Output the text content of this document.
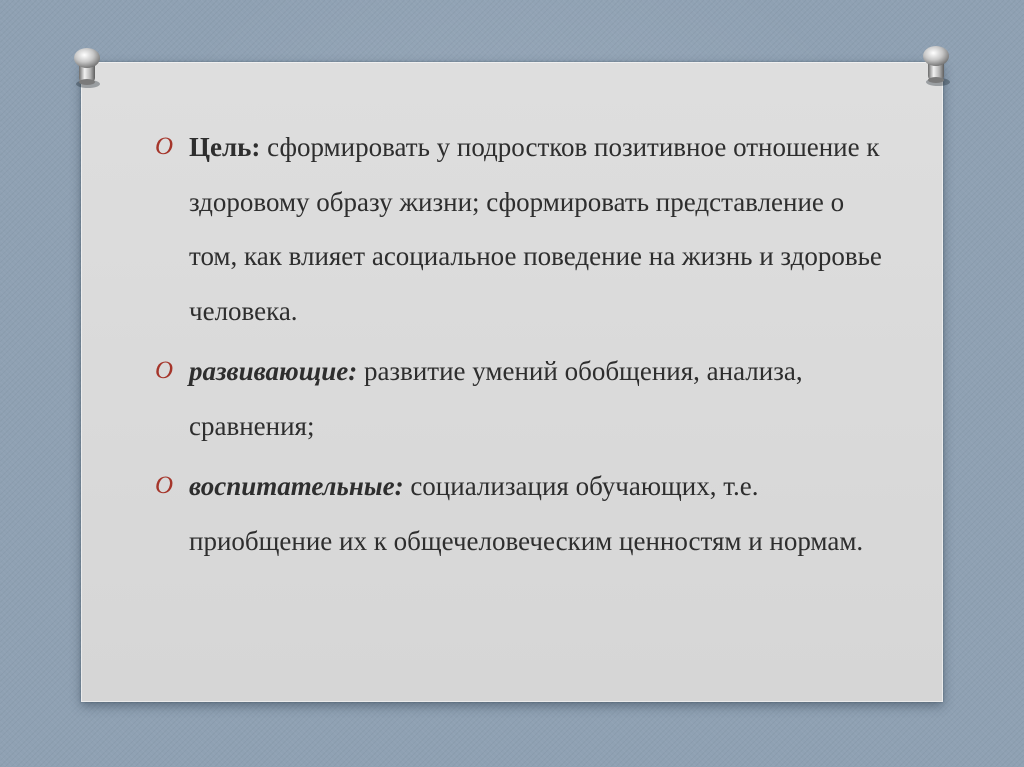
O Цель: сформировать у подростков позитивное отношение к здоровому образу жизни; сформировать представление о том, как влияет асоциальное поведение на жизнь и здоровье человека.

O развивающие: развитие умений обобщения, анализа, сравнения;

O воспитательные: социализация обучающих, т.е. приобщение их к общечеловеческим ценностям и нормам.
